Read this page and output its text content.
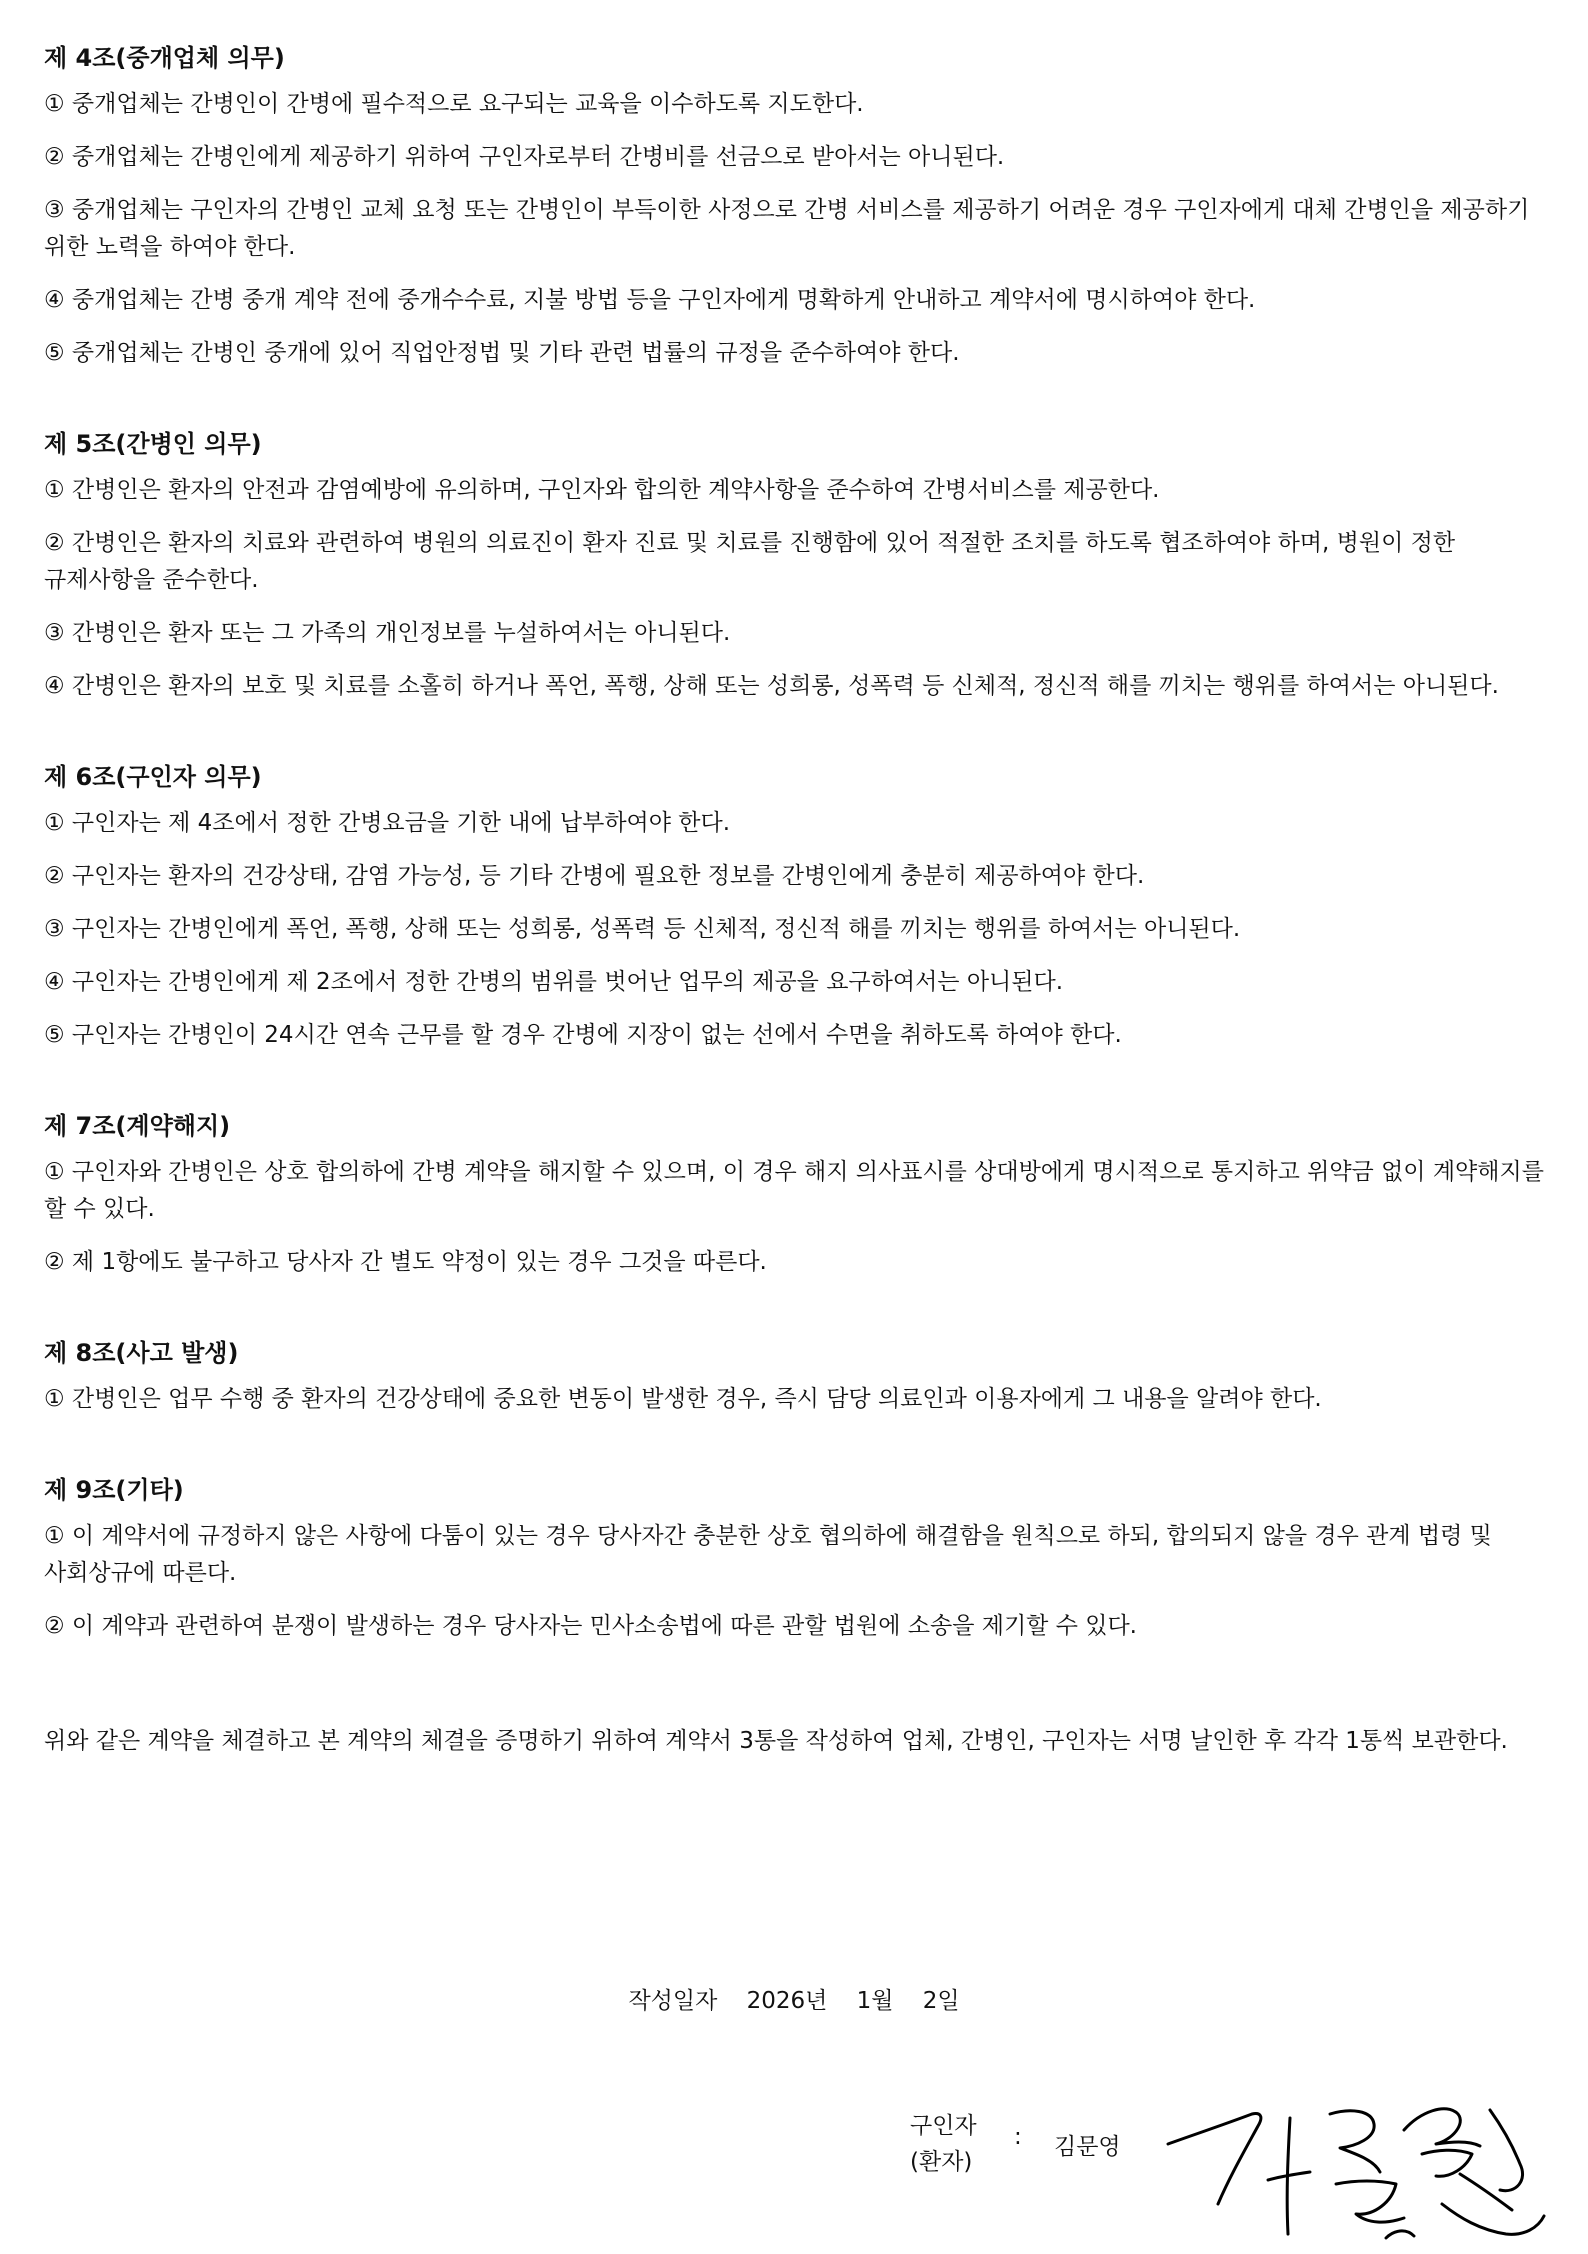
제 4조(중개업체 의무)
① 중개업체는 간병인이 간병에 필수적으로 요구되는 교육을 이수하도록 지도한다.
② 중개업체는 간병인에게 제공하기 위하여 구인자로부터 간병비를 선금으로 받아서는 아니된다.
③ 중개업체는 구인자의 간병인 교체 요청 또는 간병인이 부득이한 사정으로 간병 서비스를 제공하기 어려운 경우 구인자에게 대체 간병인을 제공하기 위한 노력을 하여야 한다.
④ 중개업체는 간병 중개 계약 전에 중개수수료, 지불 방법 등을 구인자에게 명확하게 안내하고 계약서에 명시하여야 한다.
⑤ 중개업체는 간병인 중개에 있어 직업안정법 및 기타 관련 법률의 규정을 준수하여야 한다.
제 5조(간병인 의무)
① 간병인은 환자의 안전과 감염예방에 유의하며, 구인자와 합의한 계약사항을 준수하여 간병서비스를 제공한다.
② 간병인은 환자의 치료와 관련하여 병원의 의료진이 환자 진료 및 치료를 진행함에 있어 적절한 조치를 하도록 협조하여야 하며, 병원이 정한 규제사항을 준수한다.
③ 간병인은 환자 또는 그 가족의 개인정보를 누설하여서는 아니된다.
④ 간병인은 환자의 보호 및 치료를 소홀히 하거나 폭언, 폭행, 상해 또는 성희롱, 성폭력 등 신체적, 정신적 해를 끼치는 행위를 하여서는 아니된다.
제 6조(구인자 의무)
① 구인자는 제 4조에서 정한 간병요금을 기한 내에 납부하여야 한다.
② 구인자는 환자의 건강상태, 감염 가능성, 등 기타 간병에 필요한 정보를 간병인에게 충분히 제공하여야 한다.
③ 구인자는 간병인에게 폭언, 폭행, 상해 또는 성희롱, 성폭력 등 신체적, 정신적 해를 끼치는 행위를 하여서는 아니된다.
④ 구인자는 간병인에게 제 2조에서 정한 간병의 범위를 벗어난 업무의 제공을 요구하여서는 아니된다.
⑤ 구인자는 간병인이 24시간 연속 근무를 할 경우 간병에 지장이 없는 선에서 수면을 취하도록 하여야 한다.
제 7조(계약해지)
① 구인자와 간병인은 상호 합의하에 간병 계약을 해지할 수 있으며, 이 경우 해지 의사표시를 상대방에게 명시적으로 통지하고 위약금 없이 계약해지를 할 수 있다.
② 제 1항에도 불구하고 당사자 간 별도 약정이 있는 경우 그것을 따른다.
제 8조(사고 발생)
① 간병인은 업무 수행 중 환자의 건강상태에 중요한 변동이 발생한 경우, 즉시 담당 의료인과 이용자에게 그 내용을 알려야 한다.
제 9조(기타)
① 이 계약서에 규정하지 않은 사항에 다툼이 있는 경우 당사자간 충분한 상호 협의하에 해결함을 원칙으로 하되, 합의되지 않을 경우 관계 법령 및 사회상규에 따른다.
② 이 계약과 관련하여 분쟁이 발생하는 경우 당사자는 민사소송법에 따른 관할 법원에 소송을 제기할 수 있다.
위와 같은 계약을 체결하고 본 계약의 체결을 증명하기 위하여 계약서 3통을 작성하여 업체, 간병인, 구인자는 서명 날인한 후 각각 1통씩 보관한다.
작성일자 2026년 1월 2일
구인자
(환자)
: 김문영
